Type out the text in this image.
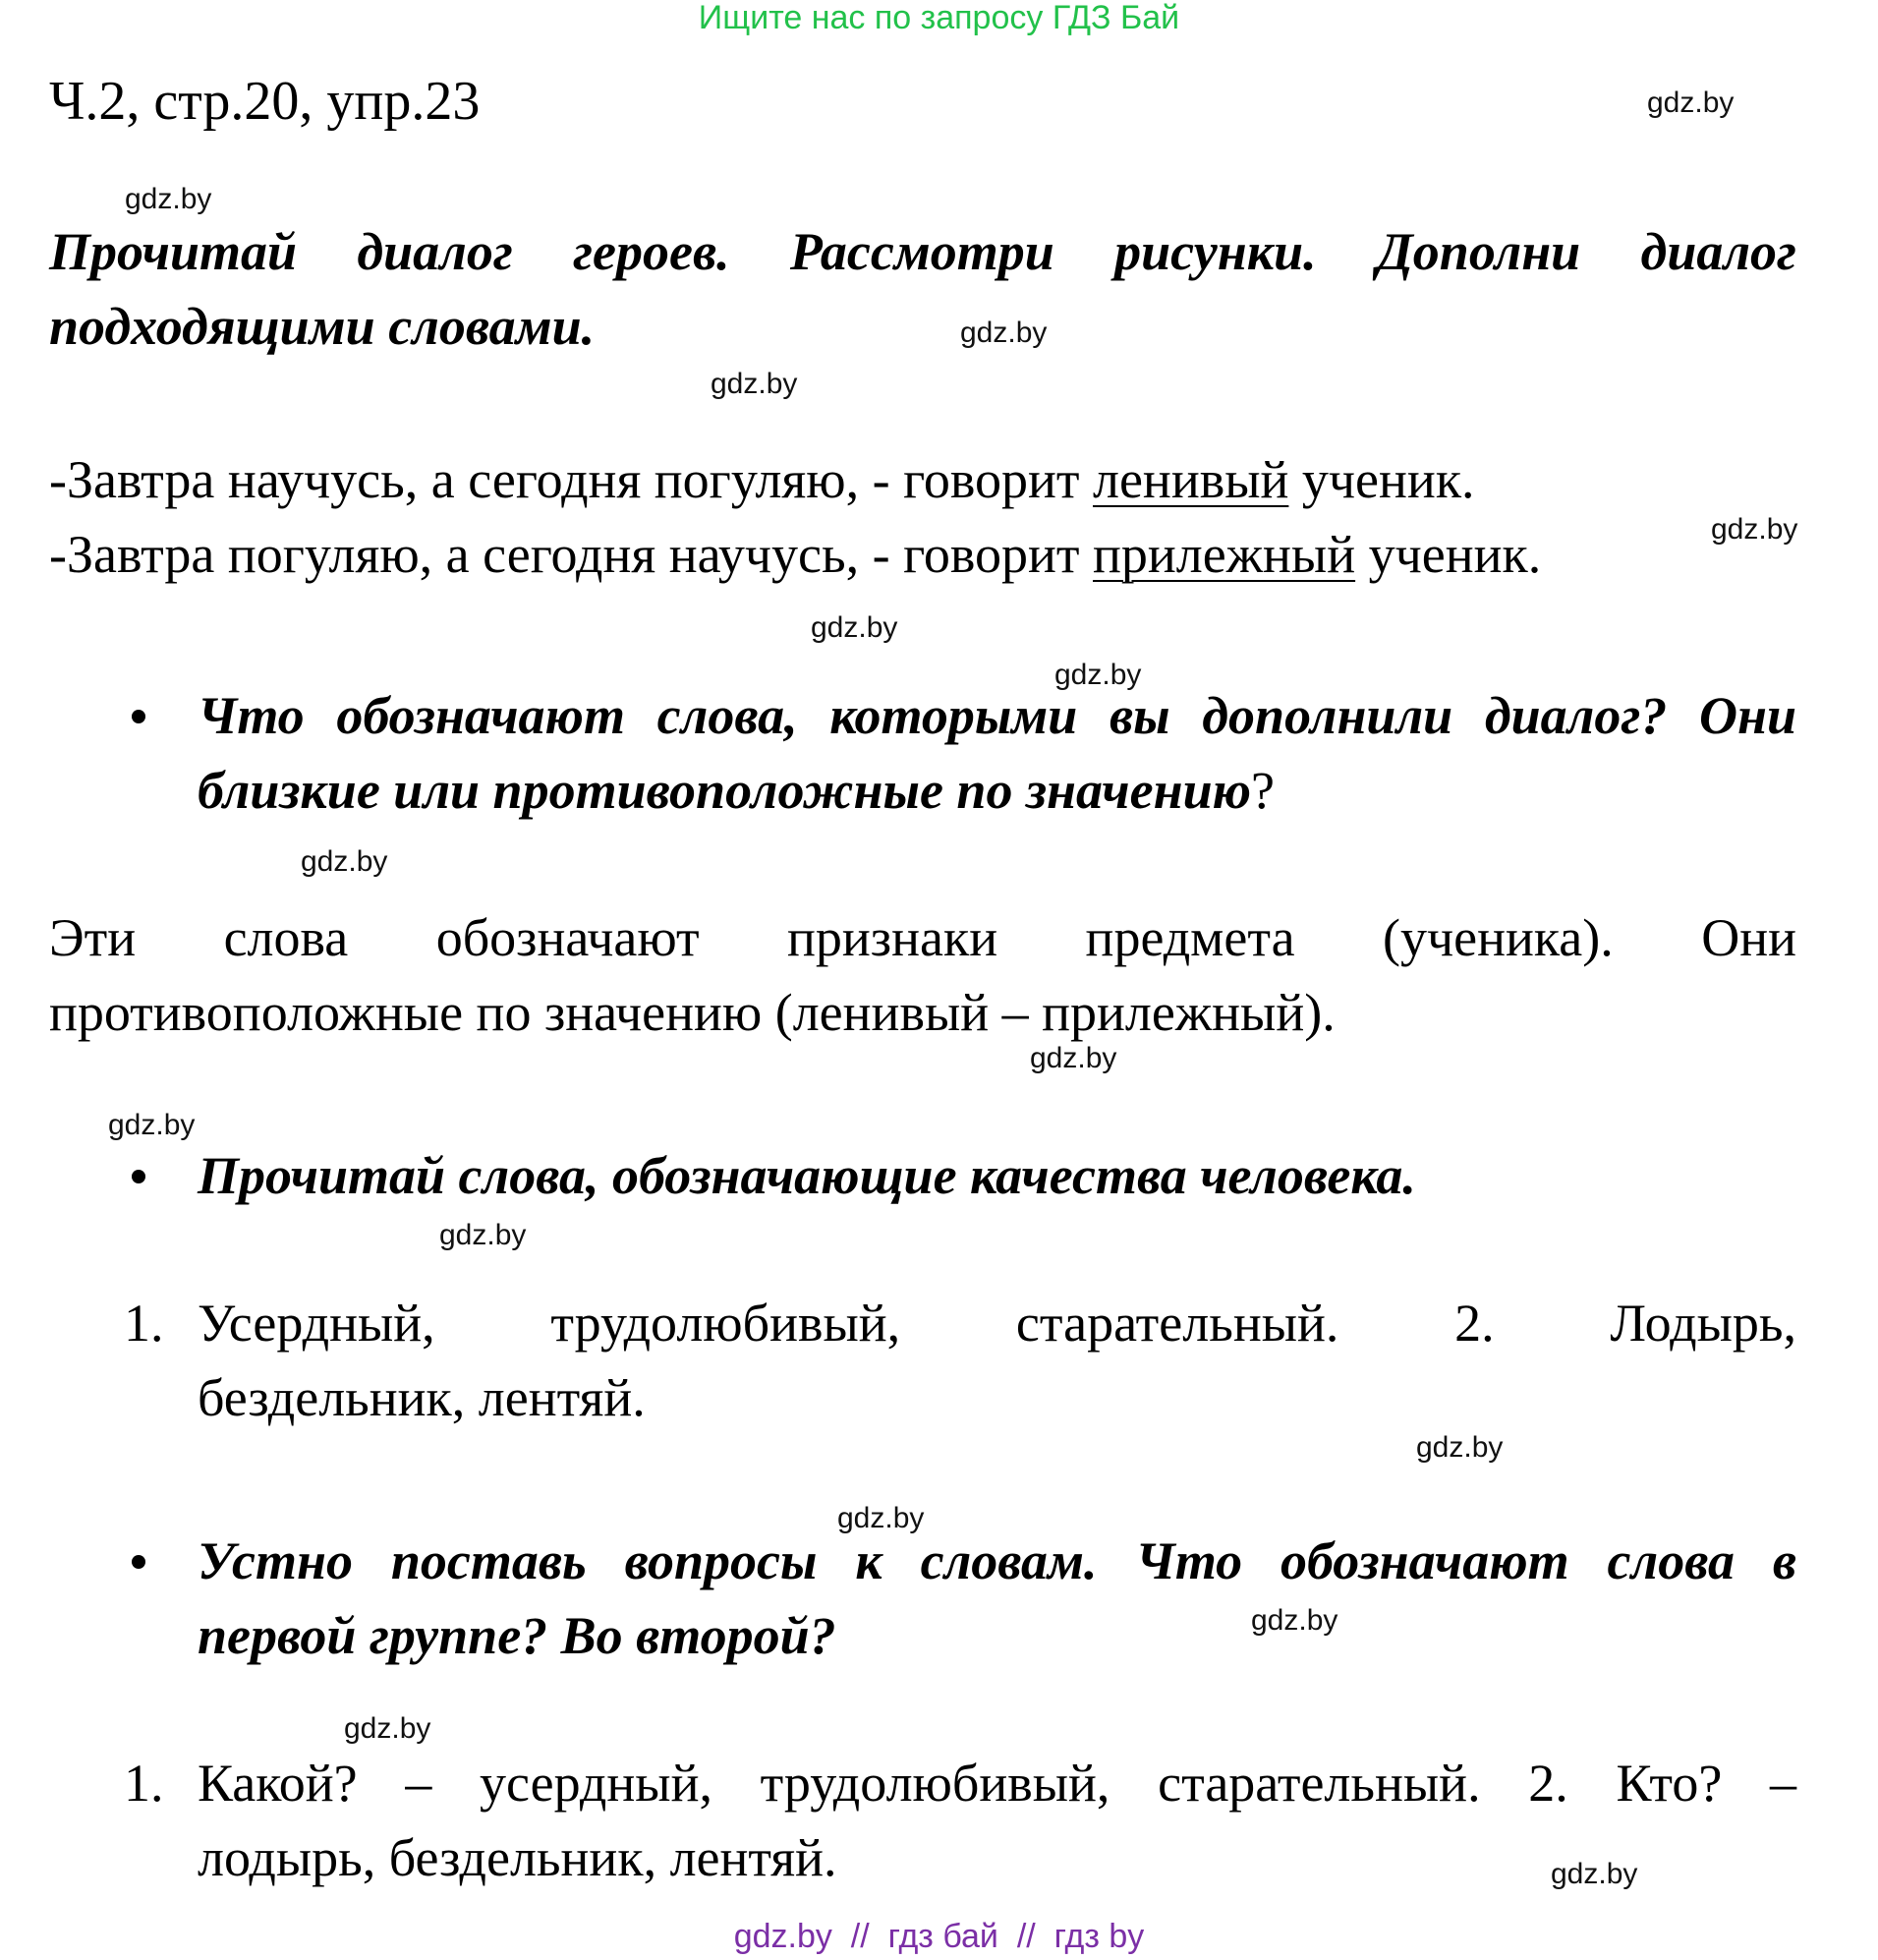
Ищите нас по запросу ГДЗ Бай
Ч.2, стр.20, упр.23	gdz.by
gdz.by
gdz.by
gdz.by
gdz.by
gdz.by
gdz.by
gdz.by
gdz.by
gdz.by
gdz.by
gdz.by
gdz.by
gdz.by
gdz.by
gdz.by
Прочитай диалог героев. Рассмотри рисунки. Дополни диалог
подходящими словами.
-Завтра научусь, а сегодня погуляю, - говорит ленивый ученик.
-Завтра погуляю, а сегодня научусь, - говорит прилежный ученик.
Что обозначают слова, которыми вы дополнили диалог? Они
близкие или противоположные по значению?
Эти слова обозначают признаки предмета (ученика). Они
противоположные по значению (ленивый – прилежный).
Прочитай слова, обозначающие качества человека.
1. Усердный, трудолюбивый, старательный. 2. Лодырь,
бездельник, лентяй.
Устно поставь вопросы к словам. Что обозначают слова в
первой группе? Во второй?
1. Какой? – усердный, трудолюбивый, старательный. 2. Кто? –
лодырь, бездельник, лентяй.
gdz.by  //  гдз бай  //  гдз by
